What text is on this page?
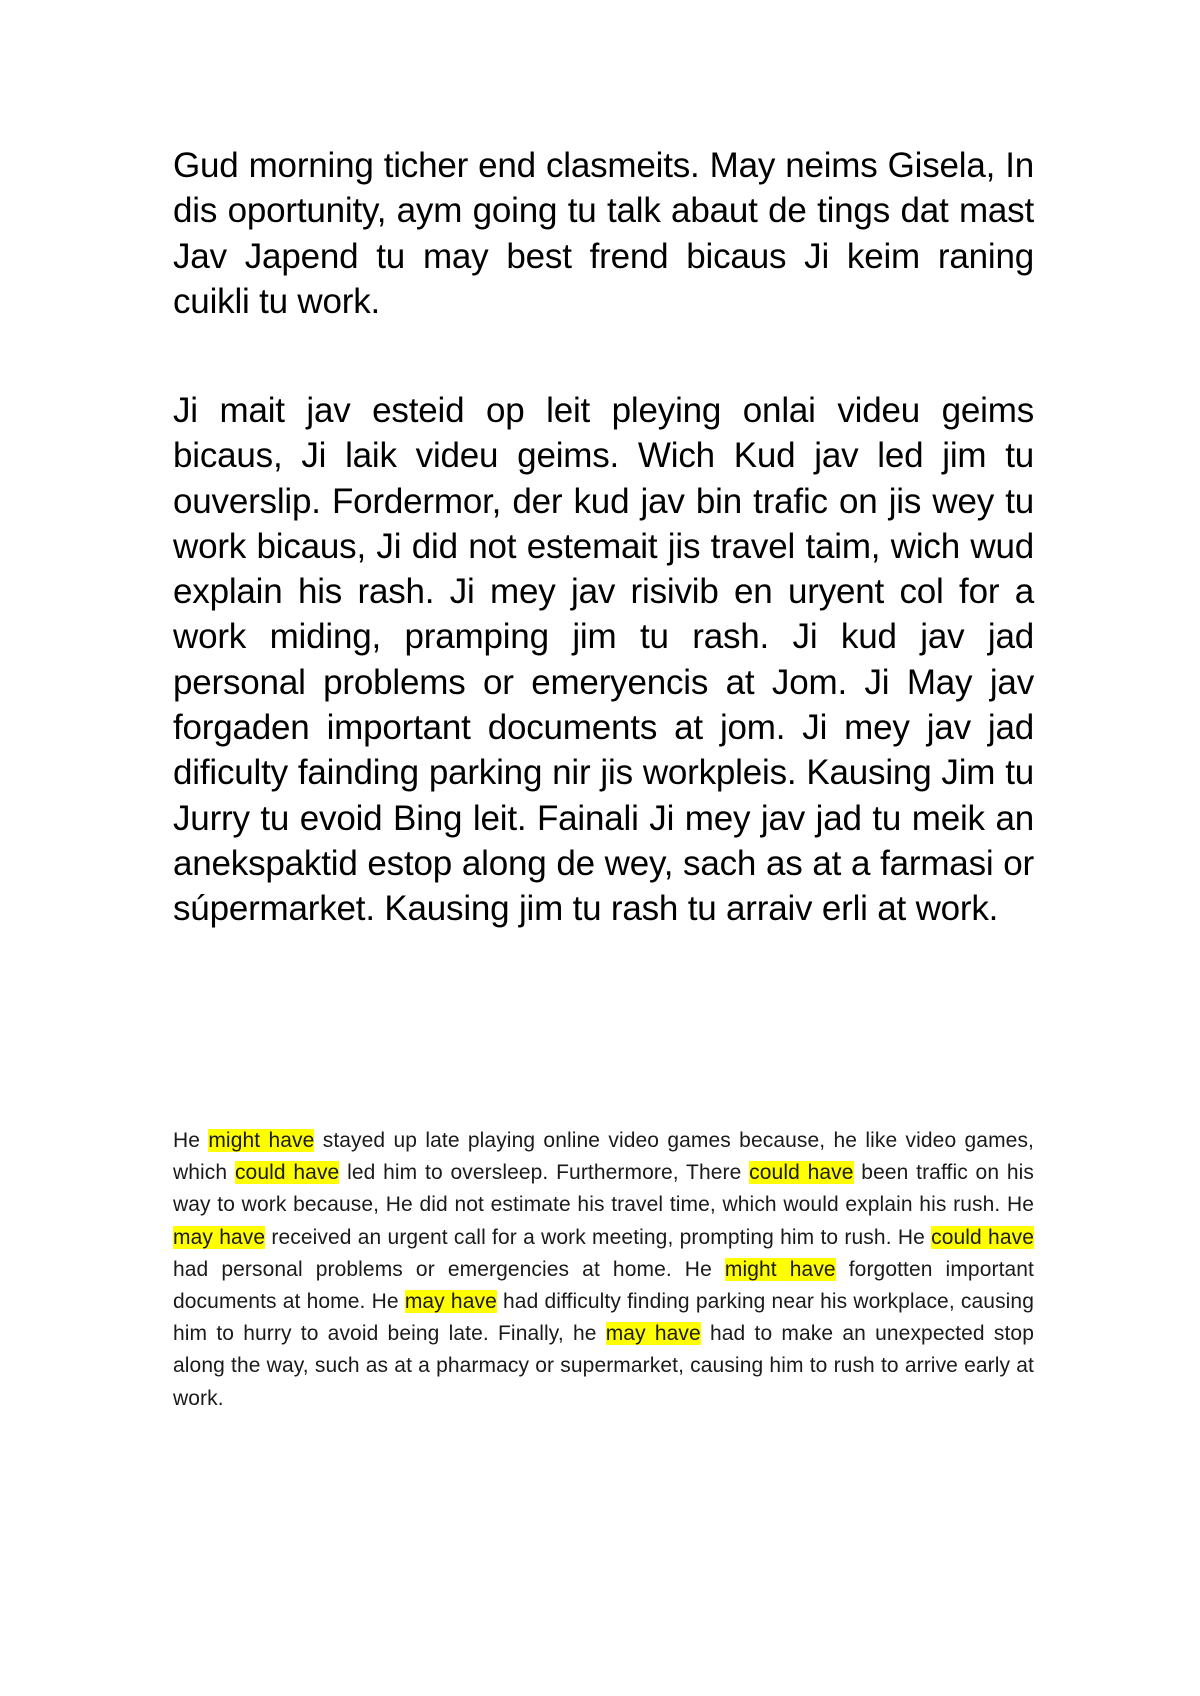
Gud morning ticher end clasmeits. May neims Gisela, In dis oportunity, aym going tu talk abaut de tings dat mast Jav Japend tu may best frend bicaus Ji keim raning cuikli tu work.

Ji mait jav esteid op leit pleying onlai videu geims bicaus, Ji laik videu geims. Wich Kud jav led jim tu ouverslip. Fordermor, der kud jav bin trafic on jis wey tu work bicaus, Ji did not estemait jis travel taim, wich wud explain his rash. Ji mey jav risivib en uryent col for a work miding, pramping jim tu rash. Ji kud jav jad personal problems or emeryencis at Jom. Ji May jav forgaden important documents at jom. Ji mey jav jad dificulty fainding parking nir jis workpleis. Kausing Jim tu Jurry tu evoid Bing leit. Fainali Ji mey jav jad tu meik an anekspaktid estop along de wey, sach as at a farmasi or súpermarket. Kausing jim tu rash tu arraiv erli at work.

He might have stayed up late playing online video games because, he like video games, which could have led him to oversleep. Furthermore, There could have been traffic on his way to work because, He did not estimate his travel time, which would explain his rush. He may have received an urgent call for a work meeting, prompting him to rush. He could have had personal problems or emergencies at home. He might have forgotten important documents at home. He may have had difficulty finding parking near his workplace, causing him to hurry to avoid being late. Finally, he may have had to make an unexpected stop along the way, such as at a pharmacy or supermarket, causing him to rush to arrive early at work.
